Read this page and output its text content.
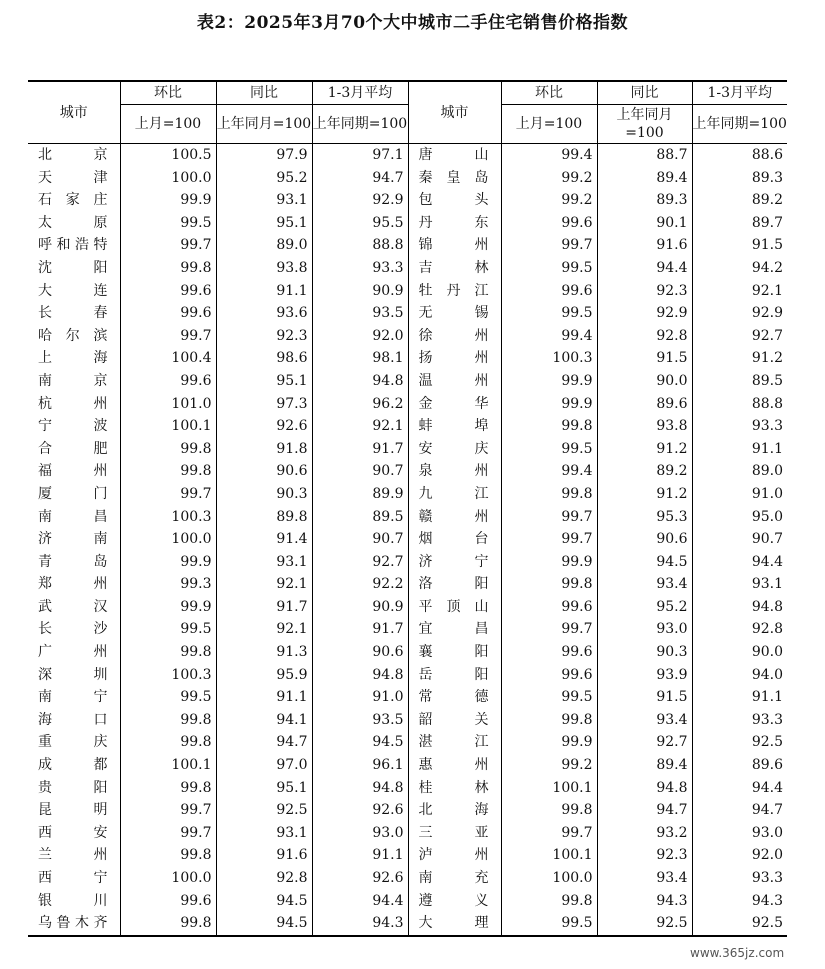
表2：2025年3月70个大中城市二手住宅销售价格指数
城市	环比	同比	1-3月平均	城市	环比	同比	1-3月平均
	上月=100	上年同月=100	上年同期=100		上月=100	上年同月=100	上年同期=100
北 京	100.5	97.9	97.1	唐 山	99.4	88.7	88.6
天 津	100.0	95.2	94.7	秦皇岛	99.2	89.4	89.3
石家庄	99.9	93.1	92.9	包 头	99.2	89.3	89.2
太 原	99.5	95.1	95.5	丹 东	99.6	90.1	89.7
呼和浩特	99.7	89.0	88.8	锦 州	99.7	91.6	91.5
沈 阳	99.8	93.8	93.3	吉 林	99.5	94.4	94.2
大 连	99.6	91.1	90.9	牡丹江	99.6	92.3	92.1
长 春	99.6	93.6	93.5	无 锡	99.5	92.9	92.9
哈尔滨	99.7	92.3	92.0	徐 州	99.4	92.8	92.7
上 海	100.4	98.6	98.1	扬 州	100.3	91.5	91.2
南 京	99.6	95.1	94.8	温 州	99.9	90.0	89.5
杭 州	101.0	97.3	96.2	金 华	99.9	89.6	88.8
宁 波	100.1	92.6	92.1	蚌 埠	99.8	93.8	93.3
合 肥	99.8	91.8	91.7	安 庆	99.5	91.2	91.1
福 州	99.8	90.6	90.7	泉 州	99.4	89.2	89.0
厦 门	99.7	90.3	89.9	九 江	99.8	91.2	91.0
南 昌	100.3	89.8	89.5	赣 州	99.7	95.3	95.0
济 南	100.0	91.4	90.7	烟 台	99.7	90.6	90.7
青 岛	99.9	93.1	92.7	济 宁	99.9	94.5	94.4
郑 州	99.3	92.1	92.2	洛 阳	99.8	93.4	93.1
武 汉	99.9	91.7	90.9	平顶山	99.6	95.2	94.8
长 沙	99.5	92.1	91.7	宜 昌	99.7	93.0	92.8
广 州	99.8	91.3	90.6	襄 阳	99.6	90.3	90.0
深 圳	100.3	95.9	94.8	岳 阳	99.6	93.9	94.0
南 宁	99.5	91.1	91.0	常 德	99.5	91.5	91.1
海 口	99.8	94.1	93.5	韶 关	99.8	93.4	93.3
重 庆	99.8	94.7	94.5	湛 江	99.9	92.7	92.5
成 都	100.1	97.0	96.1	惠 州	99.2	89.4	89.6
贵 阳	99.8	95.1	94.8	桂 林	100.1	94.8	94.4
昆 明	99.7	92.5	92.6	北 海	99.8	94.7	94.7
西 安	99.7	93.1	93.0	三 亚	99.7	93.2	93.0
兰 州	99.8	91.6	91.1	泸 州	100.1	92.3	92.0
西 宁	100.0	92.8	92.6	南 充	100.0	93.4	93.3
银 川	99.6	94.5	94.4	遵 义	99.8	94.3	94.3
乌鲁木齐	99.8	94.5	94.3	大 理	99.5	92.5	92.5
www.365jz.com
